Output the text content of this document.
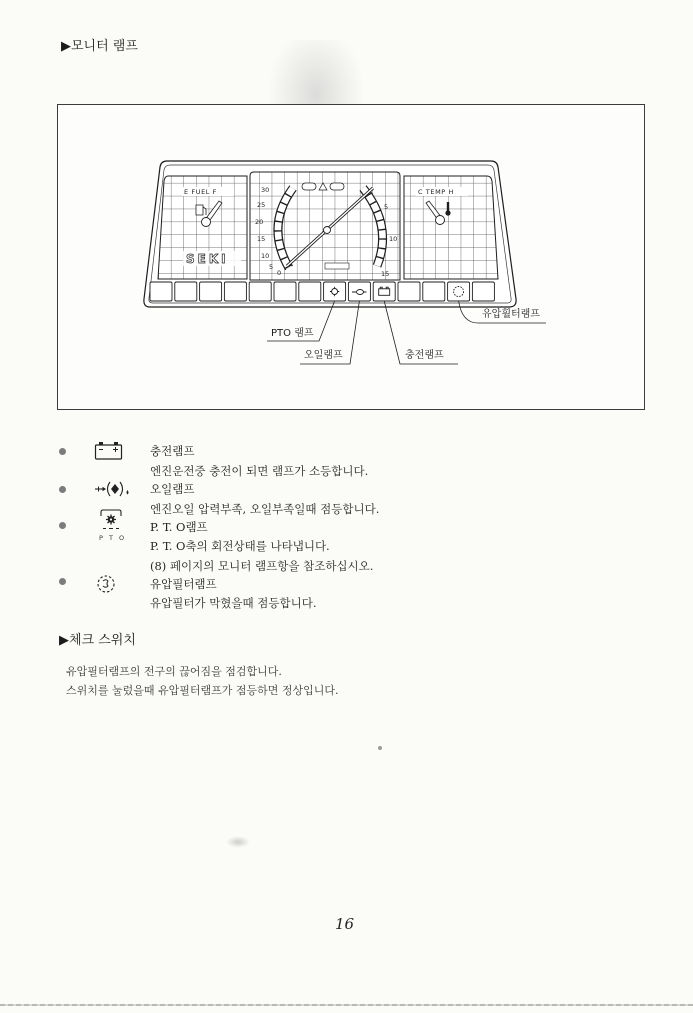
▶모니터 램프
E FUEL F
SEKI
30
25
20
15
10
5
0
5
10
15
C TEMP H
유압휠터램프
PTO 램프
오일램프	충전램프
충전램프
엔진운전중 충전이 되면 램프가 소등합니다.
오일램프
엔진오일 압력부족, 오일부족일때 점등합니다.
P T O
P. T. O램프
P. T. O축의 회전상태를 나타냅니다.
(8) 페이지의 모니터 램프항을 참조하십시오.
유압필터램프
유압필터가 막혔을때 점등합니다.
▶체크 스위치
유압필터램프의 전구의 끊어짐을 점검합니다.
스위치를 눌렀을때 유압필터램프가 점등하면 정상입니다.
16
